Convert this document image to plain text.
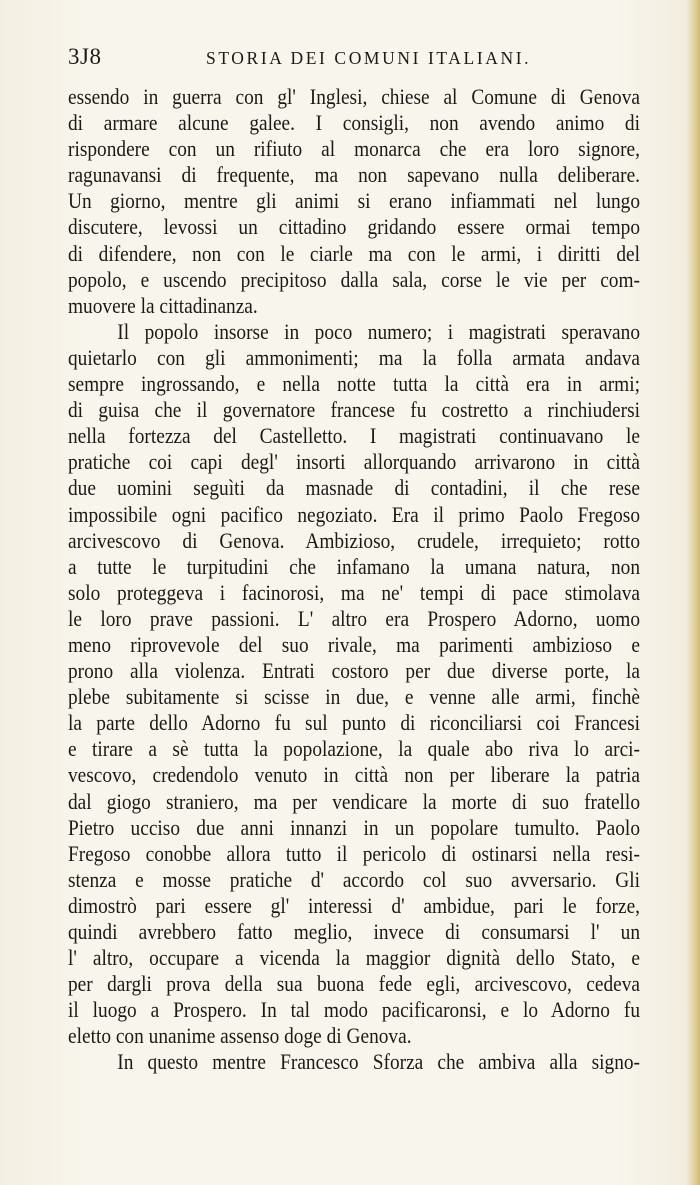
3J8	STORIA DEI COMUNI ITALIANI.
essendo in guerra con gl' Inglesi, chiese al Comune di Genova
di armare alcune galee. I consigli, non avendo animo di
rispondere con un rifiuto al monarca che era loro signore,
ragunavansi di frequente, ma non sapevano nulla deliberare.
Un giorno, mentre gli animi si erano infiammati nel lungo
discutere, levossi un cittadino gridando essere ormai tempo
di difendere, non con le ciarle ma con le armi, i diritti del
popolo, e uscendo precipitoso dalla sala, corse le vie per com-
muovere la cittadinanza.
Il popolo insorse in poco numero; i magistrati speravano
quietarlo con gli ammonimenti; ma la folla armata andava
sempre ingrossando, e nella notte tutta la città era in armi;
di guisa che il governatore francese fu costretto a rinchiudersi
nella fortezza del Castelletto. I magistrati continuavano le
pratiche coi capi degl' insorti allorquando arrivarono in città
due uomini seguìti da masnade di contadini, il che rese
impossibile ogni pacifico negoziato. Era il primo Paolo Fregoso
arcivescovo di Genova. Ambizioso, crudele, irrequieto; rotto
a tutte le turpitudini che infamano la umana natura, non
solo proteggeva i facinorosi, ma ne' tempi di pace stimolava
le loro prave passioni. L' altro era Prospero Adorno, uomo
meno riprovevole del suo rivale, ma parimenti ambizioso e
prono alla violenza. Entrati costoro per due diverse porte, la
plebe subitamente si scisse in due, e venne alle armi, finchè
la parte dello Adorno fu sul punto di riconciliarsi coi Francesi
e tirare a sè tutta la popolazione, la quale abo riva lo arci-
vescovo, credendolo venuto in città non per liberare la patria
dal giogo straniero, ma per vendicare la morte di suo fratello
Pietro ucciso due anni innanzi in un popolare tumulto. Paolo
Fregoso conobbe allora tutto il pericolo di ostinarsi nella resi-
stenza e mosse pratiche d' accordo col suo avversario. Gli
dimostrò pari essere gl' interessi d' ambidue, pari le forze,
quindi avrebbero fatto meglio, invece di consumarsi l' un
l' altro, occupare a vicenda la maggior dignità dello Stato, e
per dargli prova della sua buona fede egli, arcivescovo, cedeva
il luogo a Prospero. In tal modo pacificaronsi, e lo Adorno fu
eletto con unanime assenso doge di Genova.
In questo mentre Francesco Sforza che ambiva alla signo-
